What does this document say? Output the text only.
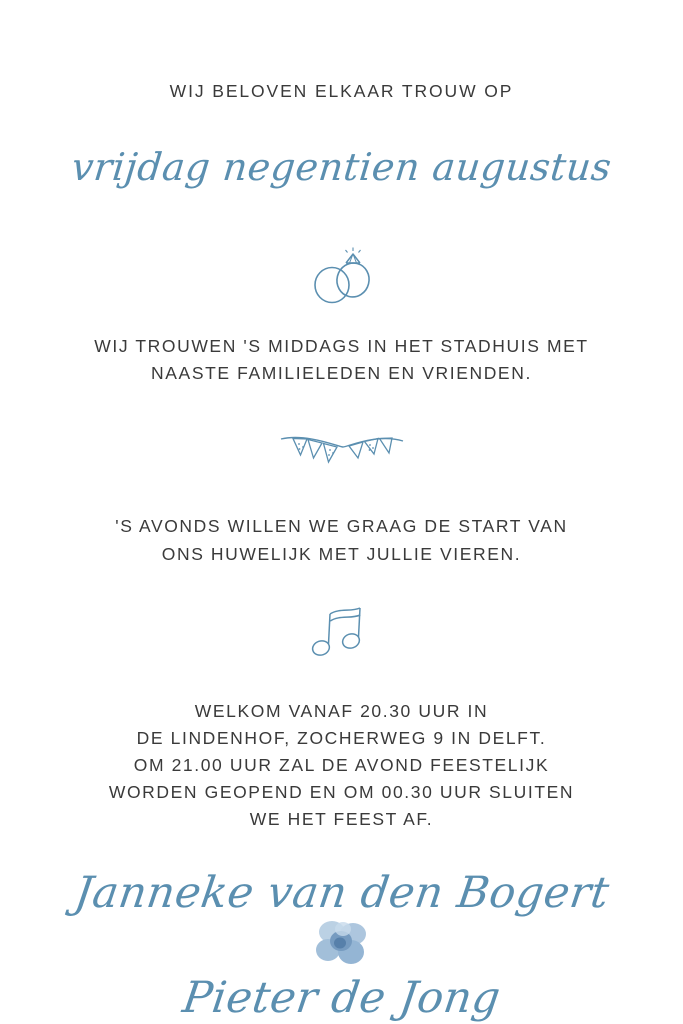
WIJ BELOVEN ELKAAR TROUW OP
vrijdag negentien augustus
WIJ TROUWEN 'S MIDDAGS IN HET STADHUIS MET
NAASTE FAMILIELEDEN EN VRIENDEN.
'S AVONDS WILLEN WE GRAAG DE START VAN
ONS HUWELIJK MET JULLIE VIEREN.
WELKOM VANAF 20.30 UUR IN
DE LINDENHOF, ZOCHERWEG 9 IN DELFT.
OM 21.00 UUR ZAL DE AVOND FEESTELIJK
WORDEN GEOPEND EN OM 00.30 UUR SLUITEN
WE HET FEEST AF.
Janneke van den Bogert
Pieter de Jong
